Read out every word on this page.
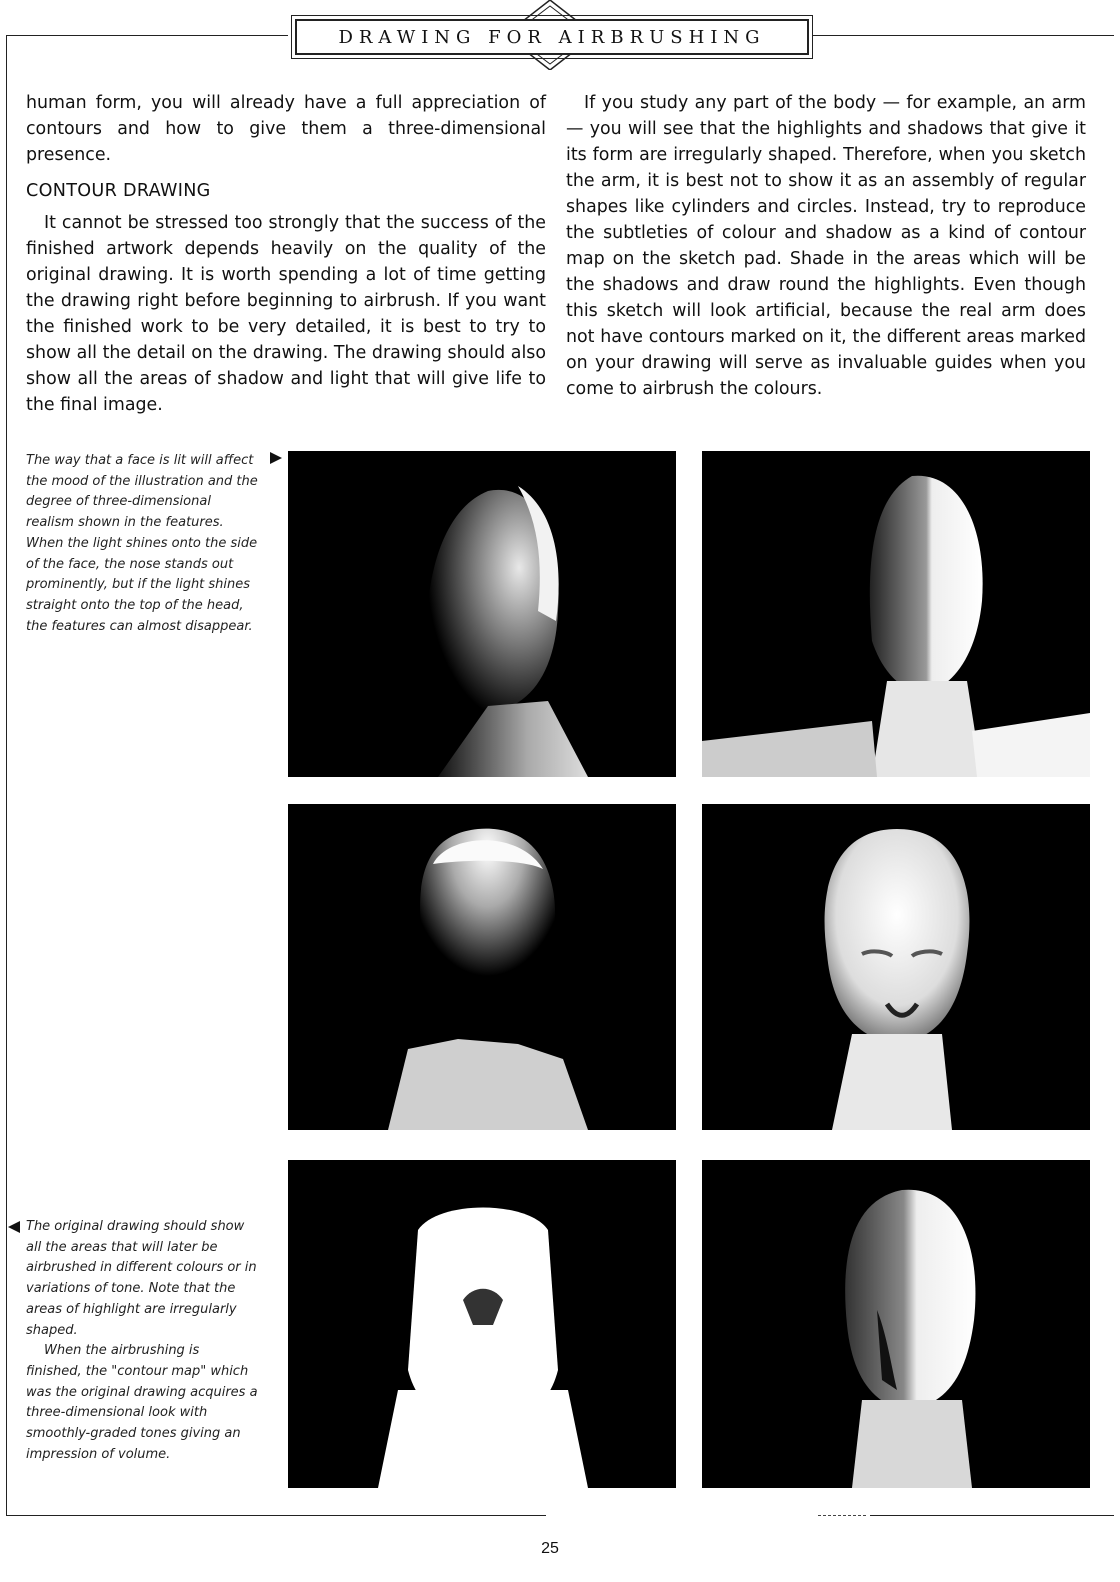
DRAWING FOR AIRBRUSHING

human form, you will already have a full appreciation of contours and how to give them a three-dimensional presence.

CONTOUR DRAWING

It cannot be stressed too strongly that the success of the finished artwork depends heavily on the quality of the original drawing. It is worth spending a lot of time getting the drawing right before beginning to airbrush. If you want the finished work to be very detailed, it is best to try to show all the detail on the drawing. The drawing should also show all the areas of shadow and light that will give life to the final image.

If you study any part of the body — for example, an arm — you will see that the highlights and shadows that give it its form are irregularly shaped. Therefore, when you sketch the arm, it is best not to show it as an assembly of regular shapes like cylinders and circles. Instead, try to reproduce the subtleties of colour and shadow as a kind of contour map on the sketch pad. Shade in the areas which will be the shadows and draw round the highlights. Even though this sketch will look artificial, because the real arm does not have contours marked on it, the different areas marked on your drawing will serve as invaluable guides when you come to airbrush the colours.

The way that a face is lit will affect the mood of the illustration and the degree of three-dimensional realism shown in the features. When the light shines onto the side of the face, the nose stands out prominently, but if the light shines straight onto the top of the head, the features can almost disappear.

The original drawing should show all the areas that will later be airbrushed in different colours or in variations of tone. Note that the areas of highlight are irregularly shaped.

When the airbrushing is finished, the "contour map" which was the original drawing acquires a three-dimensional look with smoothly-graded tones giving an impression of volume.

25
